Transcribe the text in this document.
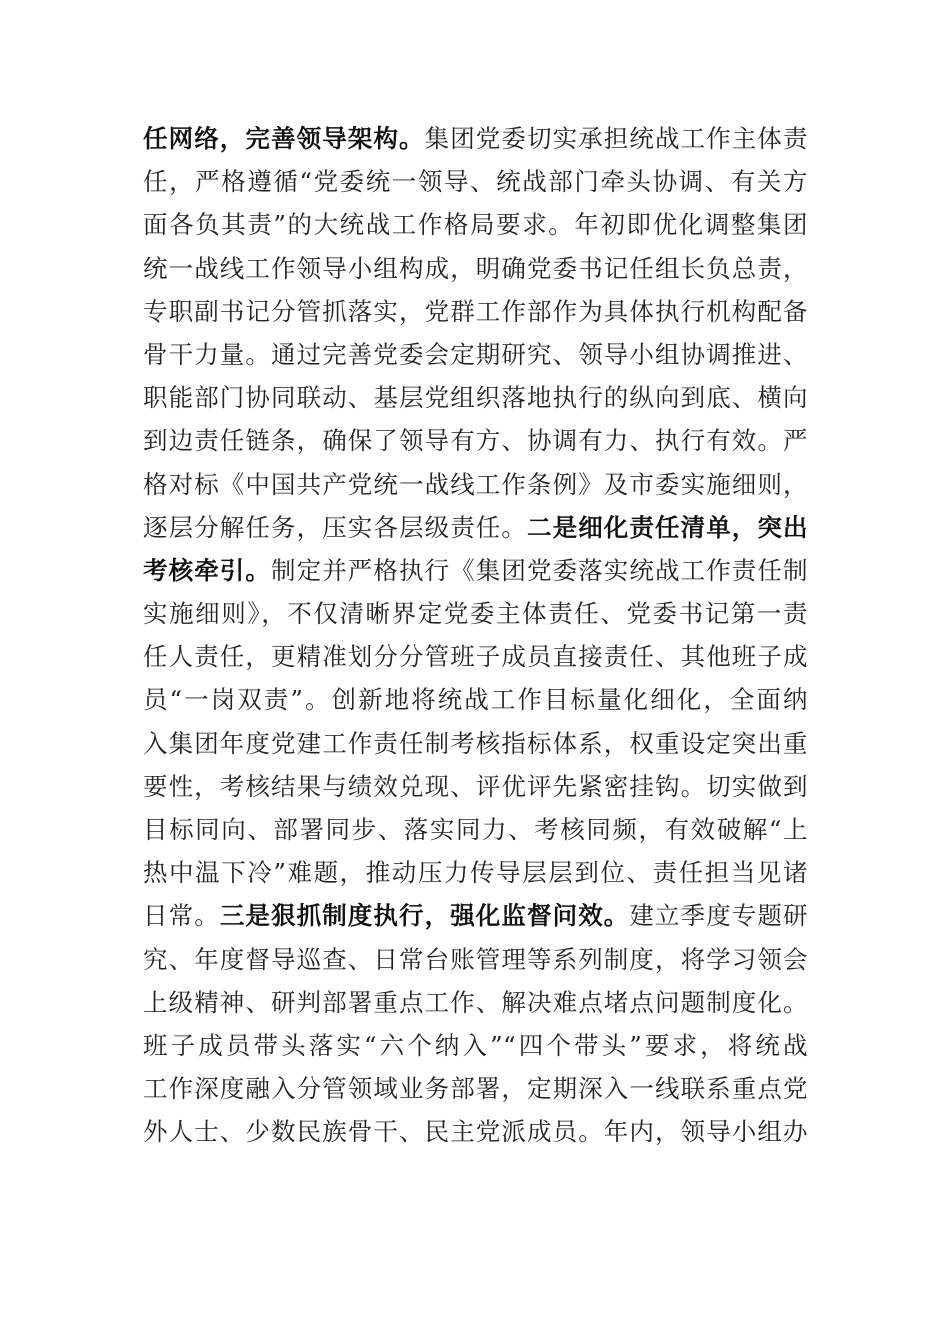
任网络，完善领导架构。集团党委切实承担统战工作主体责
任，严格遵循“党委统一领导、统战部门牵头协调、有关方
面各负其责”的大统战工作格局要求。年初即优化调整集团
统一战线工作领导小组构成，明确党委书记任组长负总责，
专职副书记分管抓落实，党群工作部作为具体执行机构配备
骨干力量。通过完善党委会定期研究、领导小组协调推进、
职能部门协同联动、基层党组织落地执行的纵向到底、横向
到边责任链条，确保了领导有方、协调有力、执行有效。严
格对标《中国共产党统一战线工作条例》及市委实施细则，
逐层分解任务，压实各层级责任。二是细化责任清单，突出
考核牵引。制定并严格执行《集团党委落实统战工作责任制
实施细则》，不仅清晰界定党委主体责任、党委书记第一责
任人责任，更精准划分分管班子成员直接责任、其他班子成
员“一岗双责”。创新地将统战工作目标量化细化，全面纳
入集团年度党建工作责任制考核指标体系，权重设定突出重
要性，考核结果与绩效兑现、评优评先紧密挂钩。切实做到
目标同向、部署同步、落实同力、考核同频，有效破解“上
热中温下冷”难题，推动压力传导层层到位、责任担当见诸
日常。三是狠抓制度执行，强化监督问效。建立季度专题研
究、年度督导巡查、日常台账管理等系列制度，将学习领会
上级精神、研判部署重点工作、解决难点堵点问题制度化。
班子成员带头落实“六个纳入”“四个带头”要求，将统战
工作深度融入分管领域业务部署，定期深入一线联系重点党
外人士、少数民族骨干、民主党派成员。年内，领导小组办
